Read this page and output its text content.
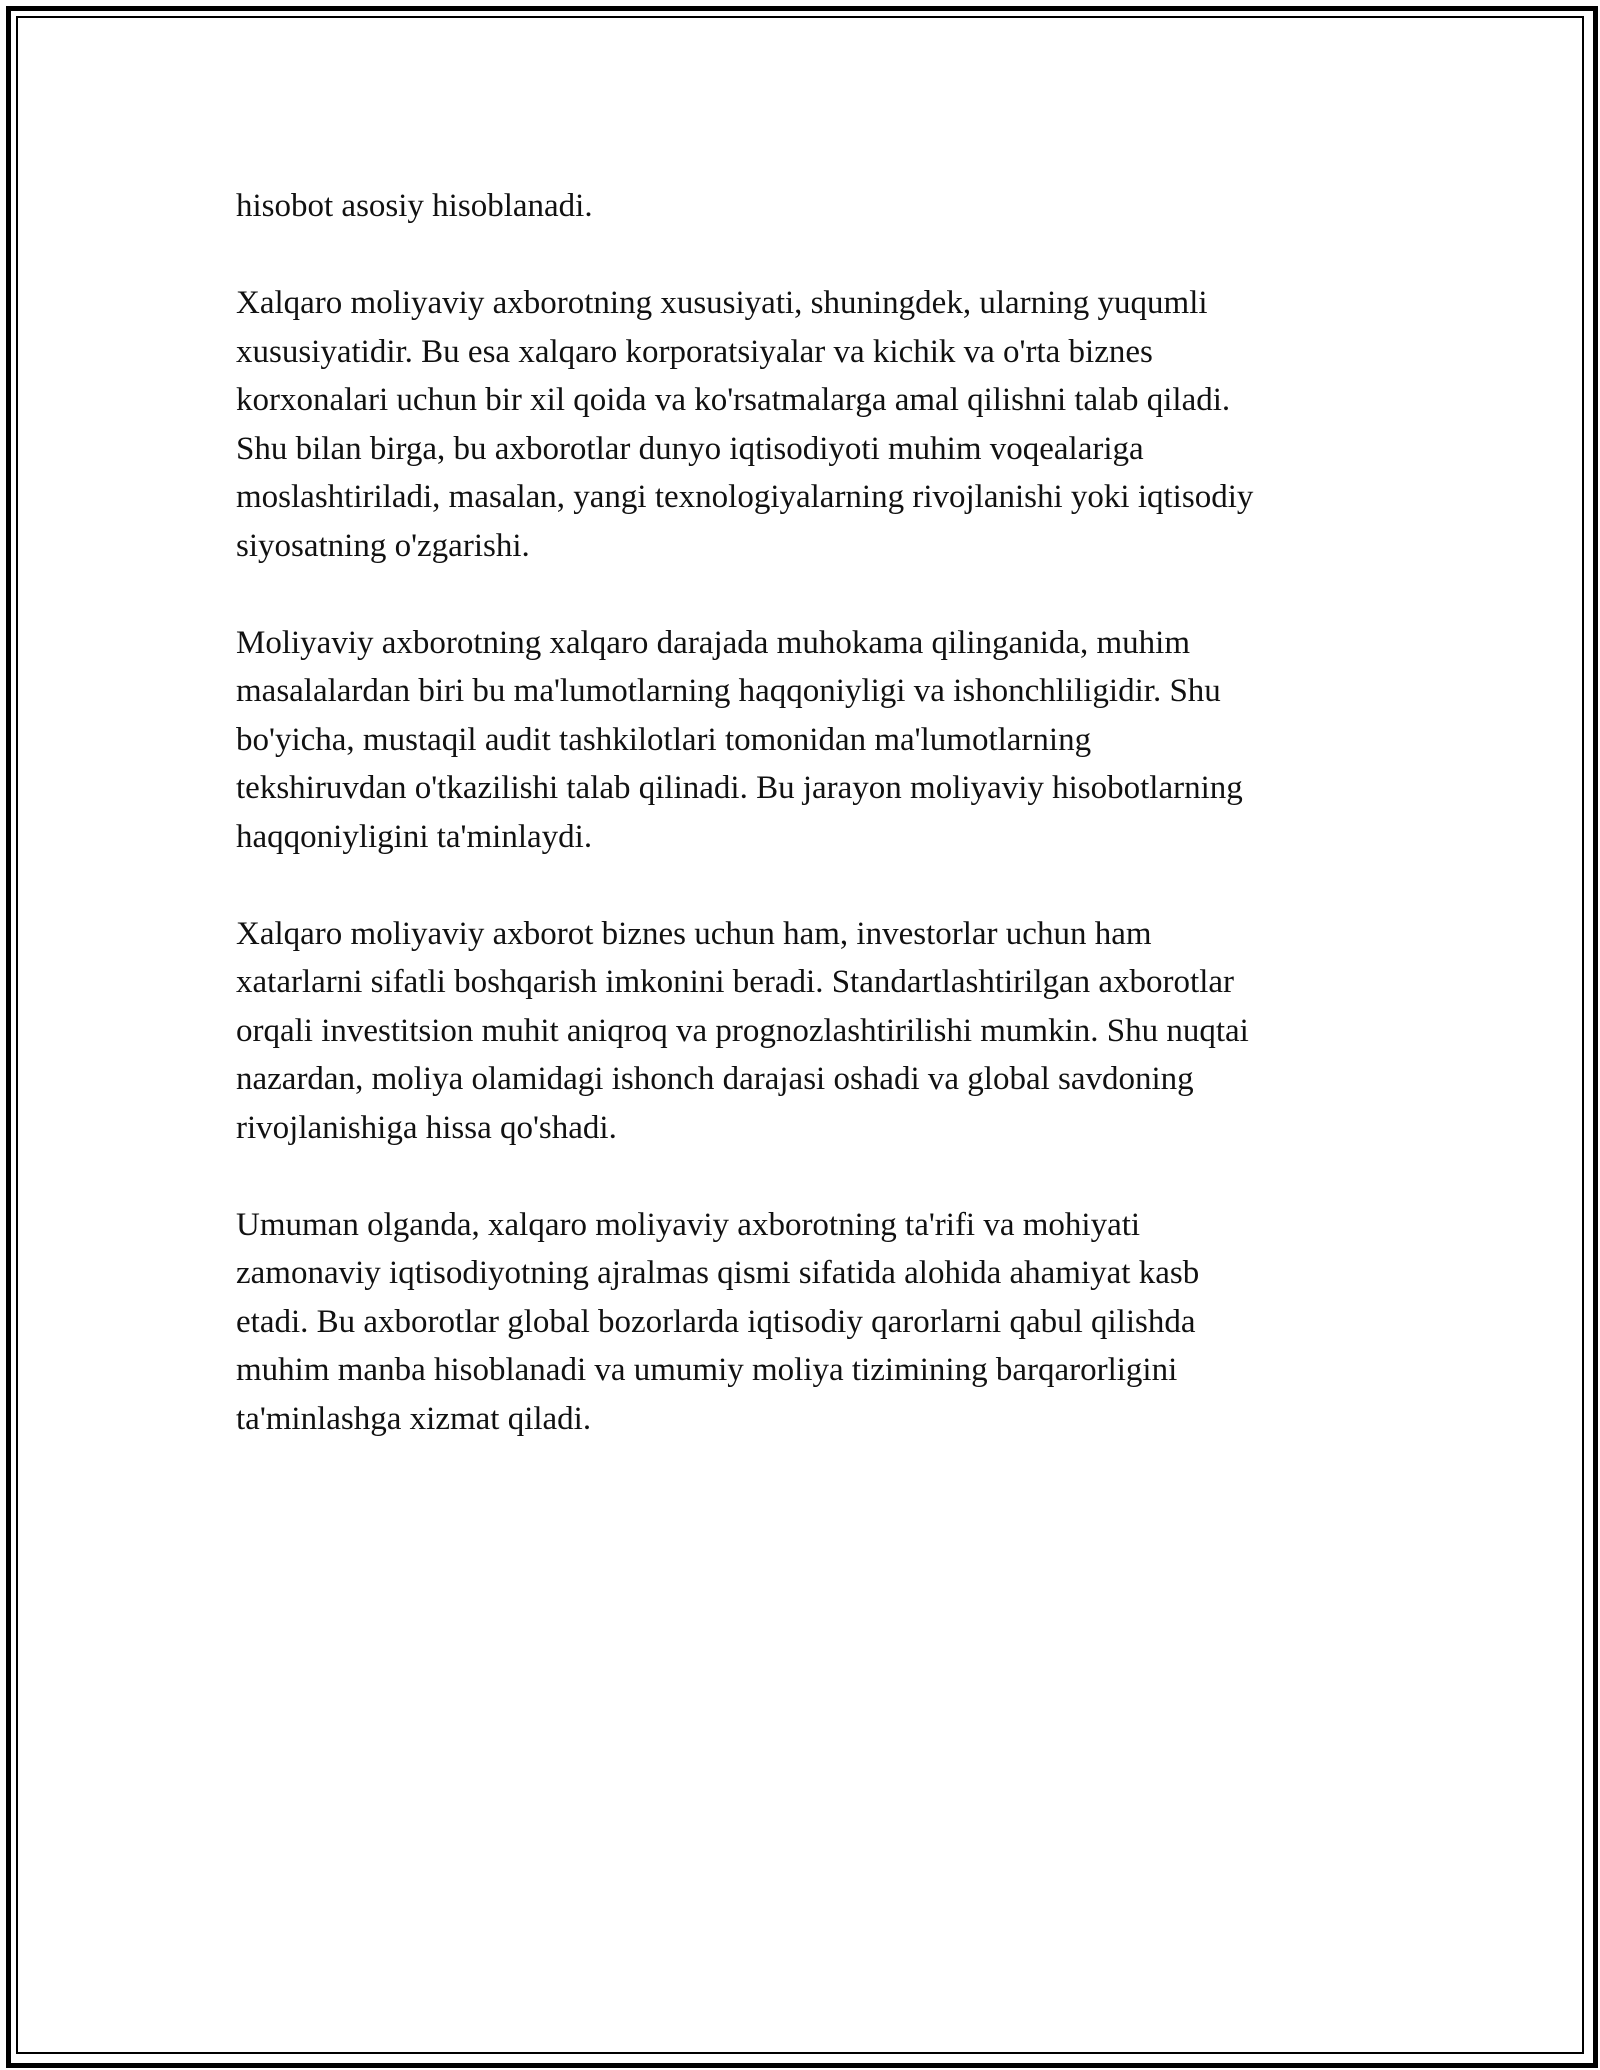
hisobot asosiy hisoblanadi.

Xalqaro moliyaviy axborotning xususiyati, shuningdek, ularning yuqumli
xususiyatidir. Bu esa xalqaro korporatsiyalar va kichik va o'rta biznes
korxonalari uchun bir xil qoida va ko'rsatmalarga amal qilishni talab qiladi.
Shu bilan birga, bu axborotlar dunyo iqtisodiyoti muhim voqealariga
moslashtiriladi, masalan, yangi texnologiyalarning rivojlanishi yoki iqtisodiy
siyosatning o'zgarishi.

Moliyaviy axborotning xalqaro darajada muhokama qilinganida, muhim
masalalardan biri bu ma'lumotlarning haqqoniyligi va ishonchliligidir. Shu
bo'yicha, mustaqil audit tashkilotlari tomonidan ma'lumotlarning
tekshiruvdan o'tkazilishi talab qilinadi. Bu jarayon moliyaviy hisobotlarning
haqqoniyligini ta'minlaydi.

Xalqaro moliyaviy axborot biznes uchun ham, investorlar uchun ham
xatarlarni sifatli boshqarish imkonini beradi. Standartlashtirilgan axborotlar
orqali investitsion muhit aniqroq va prognozlashtirilishi mumkin. Shu nuqtai
nazardan, moliya olamidagi ishonch darajasi oshadi va global savdoning
rivojlanishiga hissa qo'shadi.

Umuman olganda, xalqaro moliyaviy axborotning ta'rifi va mohiyati
zamonaviy iqtisodiyotning ajralmas qismi sifatida alohida ahamiyat kasb
etadi. Bu axborotlar global bozorlarda iqtisodiy qarorlarni qabul qilishda
muhim manba hisoblanadi va umumiy moliya tizimining barqarorligini
ta'minlashga xizmat qiladi.
